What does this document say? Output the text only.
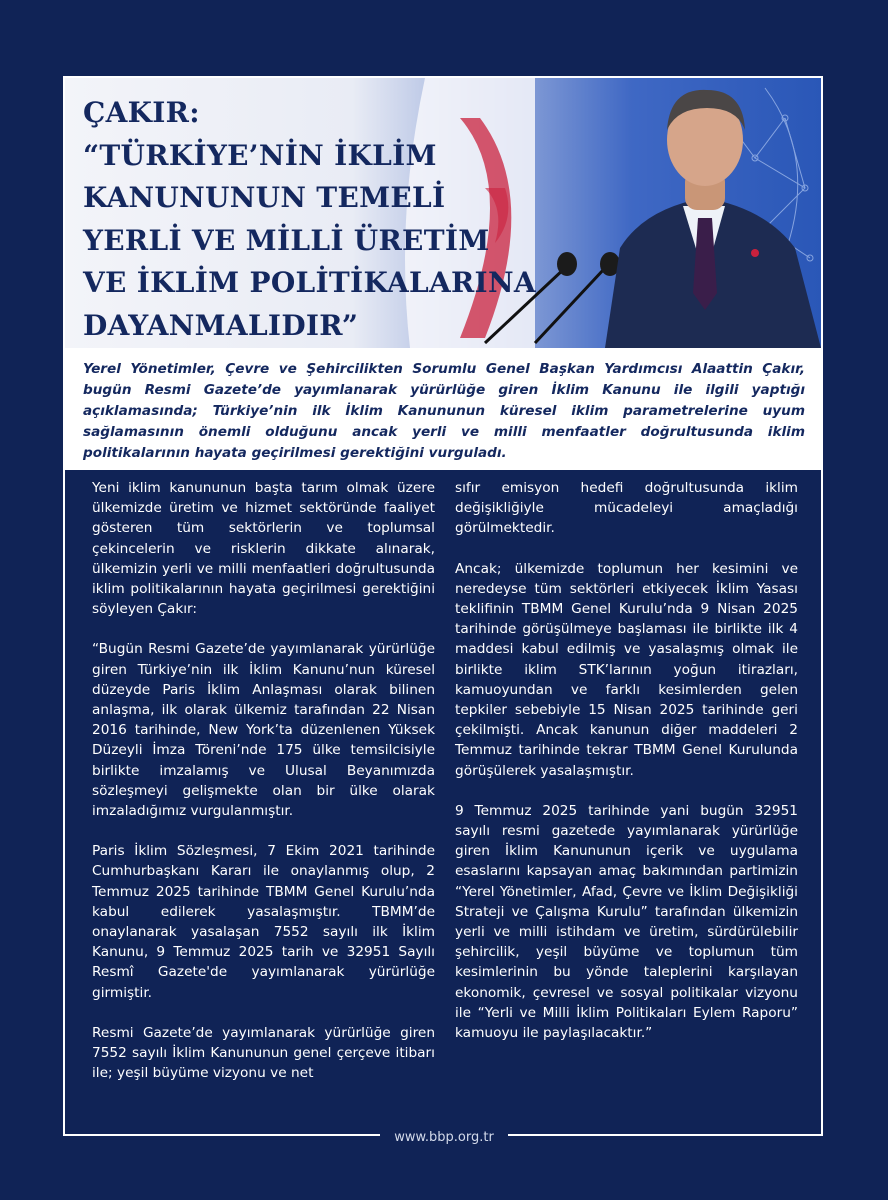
ÇAKIR:
“TÜRKİYE’NİN İKLİM
KANUNUNUN TEMELİ
YERLİ VE MİLLİ ÜRETİM
VE İKLİM POLİTİKALARINA
DAYANMALIDIR”

Yerel Yönetimler, Çevre ve Şehircilikten Sorumlu Genel Başkan Yardımcısı Alaattin Çakır, bugün Resmi Gazete’de yayımlanarak yürürlüğe giren İklim Kanunu ile ilgili yaptığı açıklamasında; Türkiye’nin ilk İklim Kanununun küresel iklim parametrelerine uyum sağlamasının önemli olduğunu ancak yerli ve milli menfaatler doğrultusunda iklim politikalarının hayata geçirilmesi gerektiğini vurguladı.

Yeni iklim kanununun başta tarım olmak üzere ülkemizde üretim ve hizmet sektöründe faaliyet gösteren tüm sektörlerin ve toplumsal çekincelerin ve risklerin dikkate alınarak, ülkemizin yerli ve milli menfaatleri doğrultusunda iklim politikalarının hayata geçirilmesi gerektiğini söyleyen Çakır:

“Bugün Resmi Gazete’de yayımlanarak yürürlüğe giren Türkiye’nin ilk İklim Kanunu’nun küresel düzeyde Paris İklim Anlaşması olarak bilinen anlaşma, ilk olarak ülkemiz tarafından 22 Nisan 2016 tarihinde, New York’ta düzenlenen Yüksek Düzeyli İmza Töreni’nde 175 ülke temsilcisiyle birlikte imzalamış ve Ulusal Beyanımızda sözleşmeyi gelişmekte olan bir ülke olarak imzaladığımız vurgulanmıştır.

Paris İklim Sözleşmesi, 7 Ekim 2021 tarihinde Cumhurbaşkanı Kararı ile onaylanmış olup, 2 Temmuz 2025 tarihinde TBMM Genel Kurulu’nda kabul edilerek yasalaşmıştır. TBMM’de onaylanarak yasalaşan 7552 sayılı ilk İklim Kanunu, 9 Temmuz 2025 tarih ve 32951 Sayılı Resmî Gazete'de yayımlanarak yürürlüğe girmiştir.

Resmi Gazete’de yayımlanarak yürürlüğe giren 7552 sayılı İklim Kanununun genel çerçeve itibarı ile; yeşil büyüme vizyonu ve net

sıfır emisyon hedefi doğrultusunda iklim değişikliğiyle mücadeleyi amaçladığı görülmektedir.

Ancak; ülkemizde toplumun her kesimini ve neredeyse tüm sektörleri etkiyecek İklim Yasası teklifinin TBMM Genel Kurulu’nda 9 Nisan 2025 tarihinde görüşülmeye başlaması ile birlikte ilk 4 maddesi kabul edilmiş ve yasalaşmış olmak ile birlikte iklim STK’larının yoğun itirazları, kamuoyundan ve farklı kesimlerden gelen tepkiler sebebiyle 15 Nisan 2025 tarihinde geri çekilmişti. Ancak kanunun diğer maddeleri 2 Temmuz tarihinde tekrar TBMM Genel Kurulunda görüşülerek yasalaşmıştır.

9 Temmuz 2025 tarihinde yani bugün 32951 sayılı resmi gazetede yayımlanarak yürürlüğe giren İklim Kanununun içerik ve uygulama esaslarını kapsayan amaç bakımından partimizin “Yerel Yönetimler, Afad, Çevre ve İklim Değişikliği Strateji ve Çalışma Kurulu” tarafından ülkemizin yerli ve milli istihdam ve üretim, sürdürülebilir şehircilik, yeşil büyüme ve toplumun tüm kesimlerinin bu yönde taleplerini karşılayan ekonomik, çevresel ve sosyal politikalar vizyonu ile “Yerli ve Milli İklim Politikaları Eylem Raporu” kamuoyu ile paylaşılacaktır.”

www.bbp.org.tr
